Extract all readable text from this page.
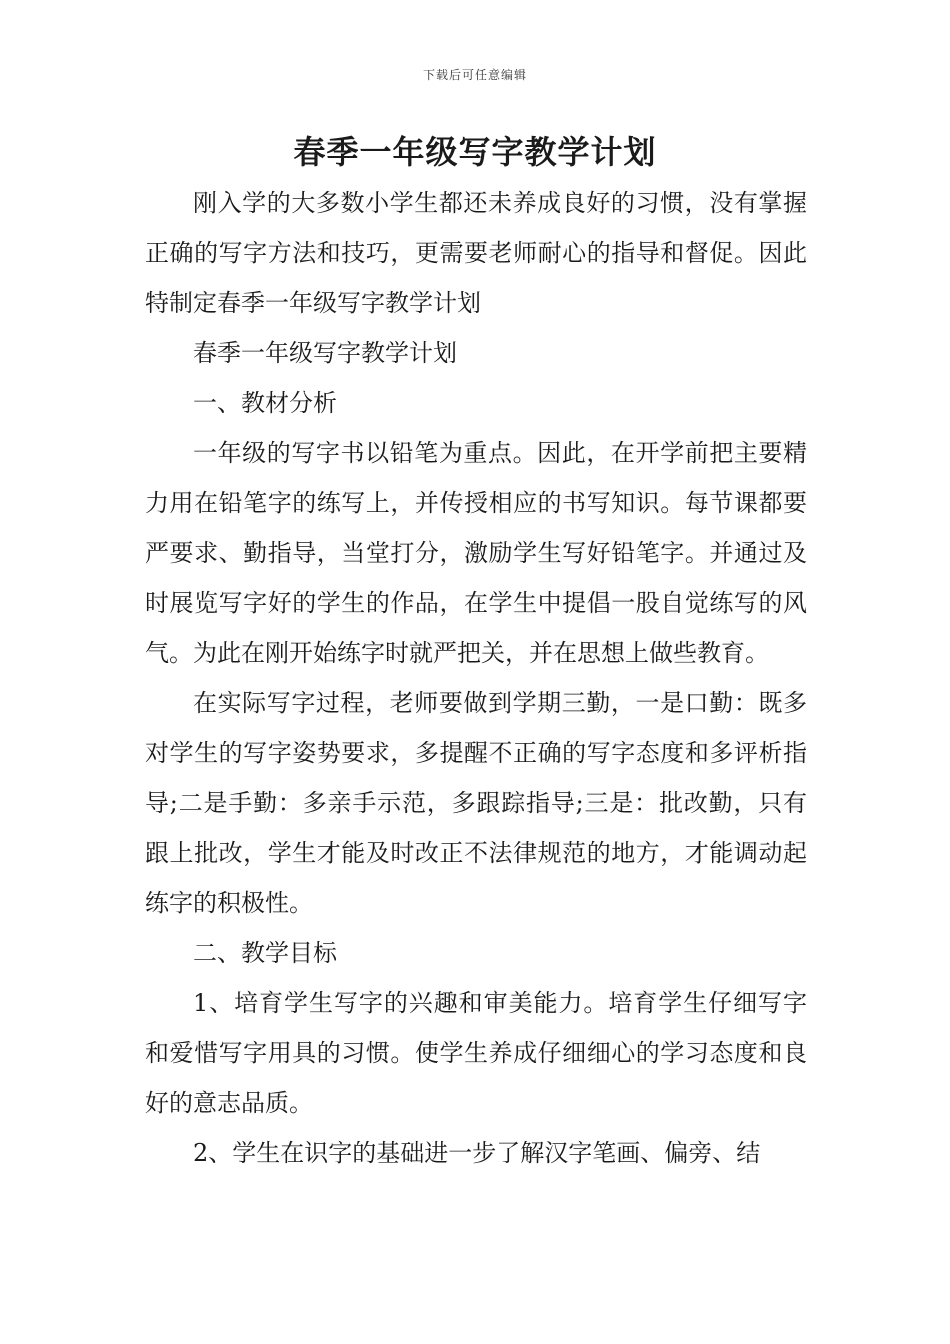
下载后可任意编辑
春季一年级写字教学计划

刚入学的大多数小学生都还未养成良好的习惯，没有掌握正确的写字方法和技巧，更需要老师耐心的指导和督促。因此特制定春季一年级写字教学计划

春季一年级写字教学计划

一、教材分析

一年级的写字书以铅笔为重点。因此，在开学前把主要精力用在铅笔字的练写上，并传授相应的书写知识。每节课都要严要求、勤指导，当堂打分，激励学生写好铅笔字。并通过及时展览写字好的学生的作品，在学生中提倡一股自觉练写的风气。为此在刚开始练字时就严把关，并在思想上做些教育。

在实际写字过程，老师要做到学期三勤，一是口勤：既多对学生的写字姿势要求，多提醒不正确的写字态度和多评析指导;二是手勤：多亲手示范，多跟踪指导;三是：批改勤，只有跟上批改，学生才能及时改正不法律规范的地方，才能调动起练字的积极性。

二、教学目标

1、培育学生写字的兴趣和审美能力。培育学生仔细写字和爱惜写字用具的习惯。使学生养成仔细细心的学习态度和良好的意志品质。

2、学生在识字的基础进一步了解汉字笔画、偏旁、结
